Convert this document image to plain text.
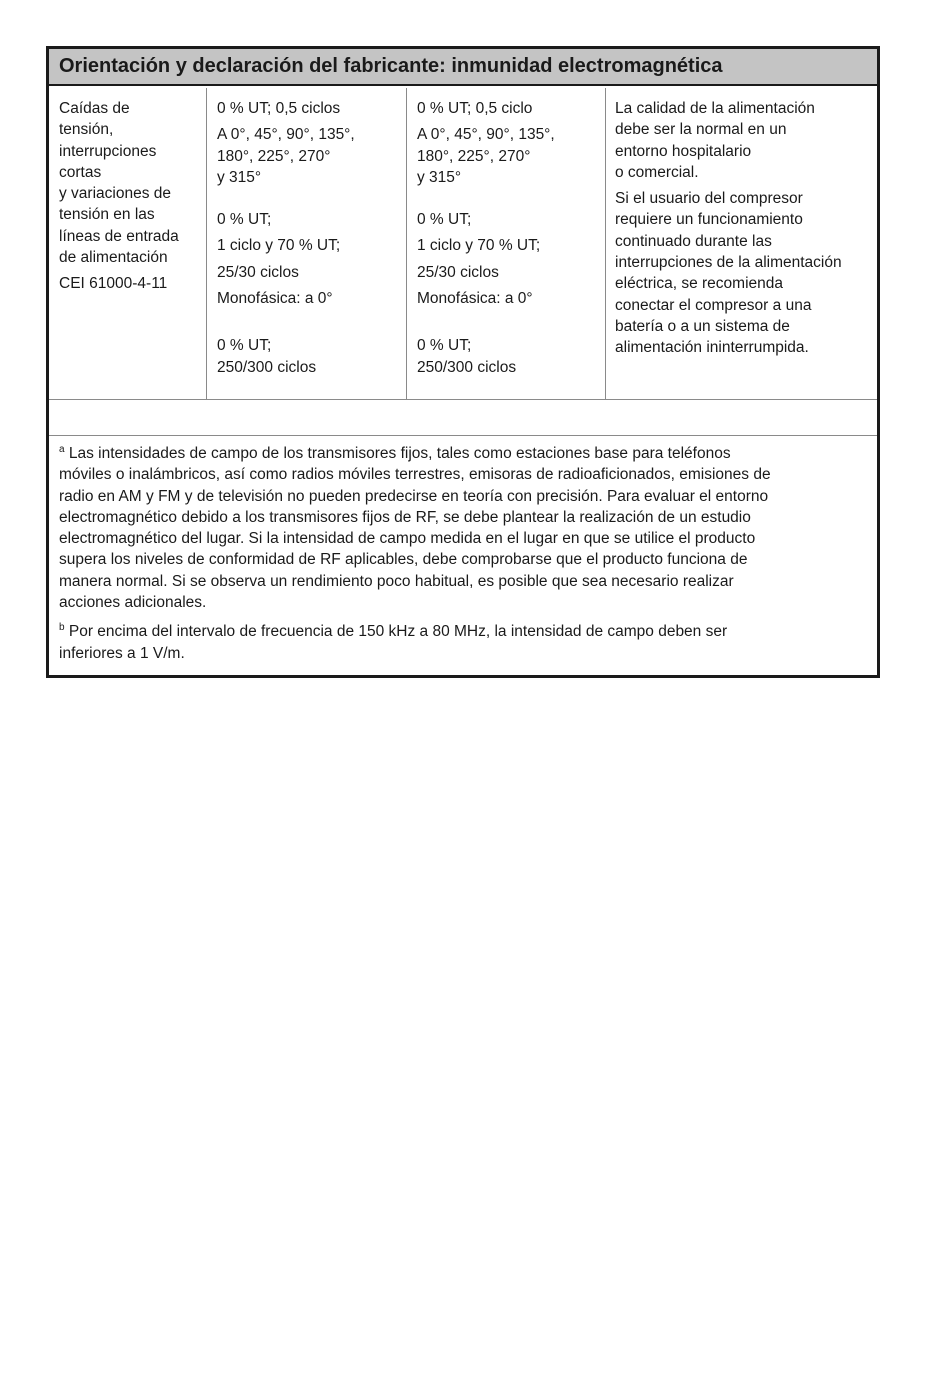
Orientación y declaración del fabricante: inmunidad electromagnética
Caídas de
tensión,
interrupciones
cortas
y variaciones de
tensión en las
líneas de entrada
de alimentación
CEI 61000-4-11

0 % UT; 0,5 ciclos

A 0°, 45°, 90°, 135°,
180°, 225°, 270°
y 315°

0 % UT;

1 ciclo y 70 % UT;

25/30 ciclos

Monofásica: a 0°

0 % UT;
250/300 ciclos

0 % UT; 0,5 ciclo

A 0°, 45°, 90°, 135°,
180°, 225°, 270°
y 315°

0 % UT;

1 ciclo y 70 % UT;

25/30 ciclos

Monofásica: a 0°

0 % UT;
250/300 ciclos

La calidad de la alimentación
debe ser la normal en un
entorno hospitalario
o comercial.

Si el usuario del compresor
requiere un funcionamiento
continuado durante las
interrupciones de la alimentación
eléctrica, se recomienda
conectar el compresor a una
batería o a un sistema de
alimentación ininterrumpida.

$^a$ Las intensidades de campo de los transmisores fijos, tales como estaciones base para teléfonos
móviles o inalámbricos, así como radios móviles terrestres, emisoras de radioaficionados, emisiones de
radio en AM y FM y de televisión no pueden predecirse en teoría con precisión. Para evaluar el entorno
electromagnético debido a los transmisores fijos de RF, se debe plantear la realización de un estudio
electromagnético del lugar. Si la intensidad de campo medida en el lugar en que se utilice el producto
supera los niveles de conformidad de RF aplicables, debe comprobarse que el producto funciona de
manera normal. Si se observa un rendimiento poco habitual, es posible que sea necesario realizar
acciones adicionales.

$^b$ Por encima del intervalo de frecuencia de 150 kHz a 80 MHz, la intensidad de campo deben ser
inferiores a 1 V/m.
